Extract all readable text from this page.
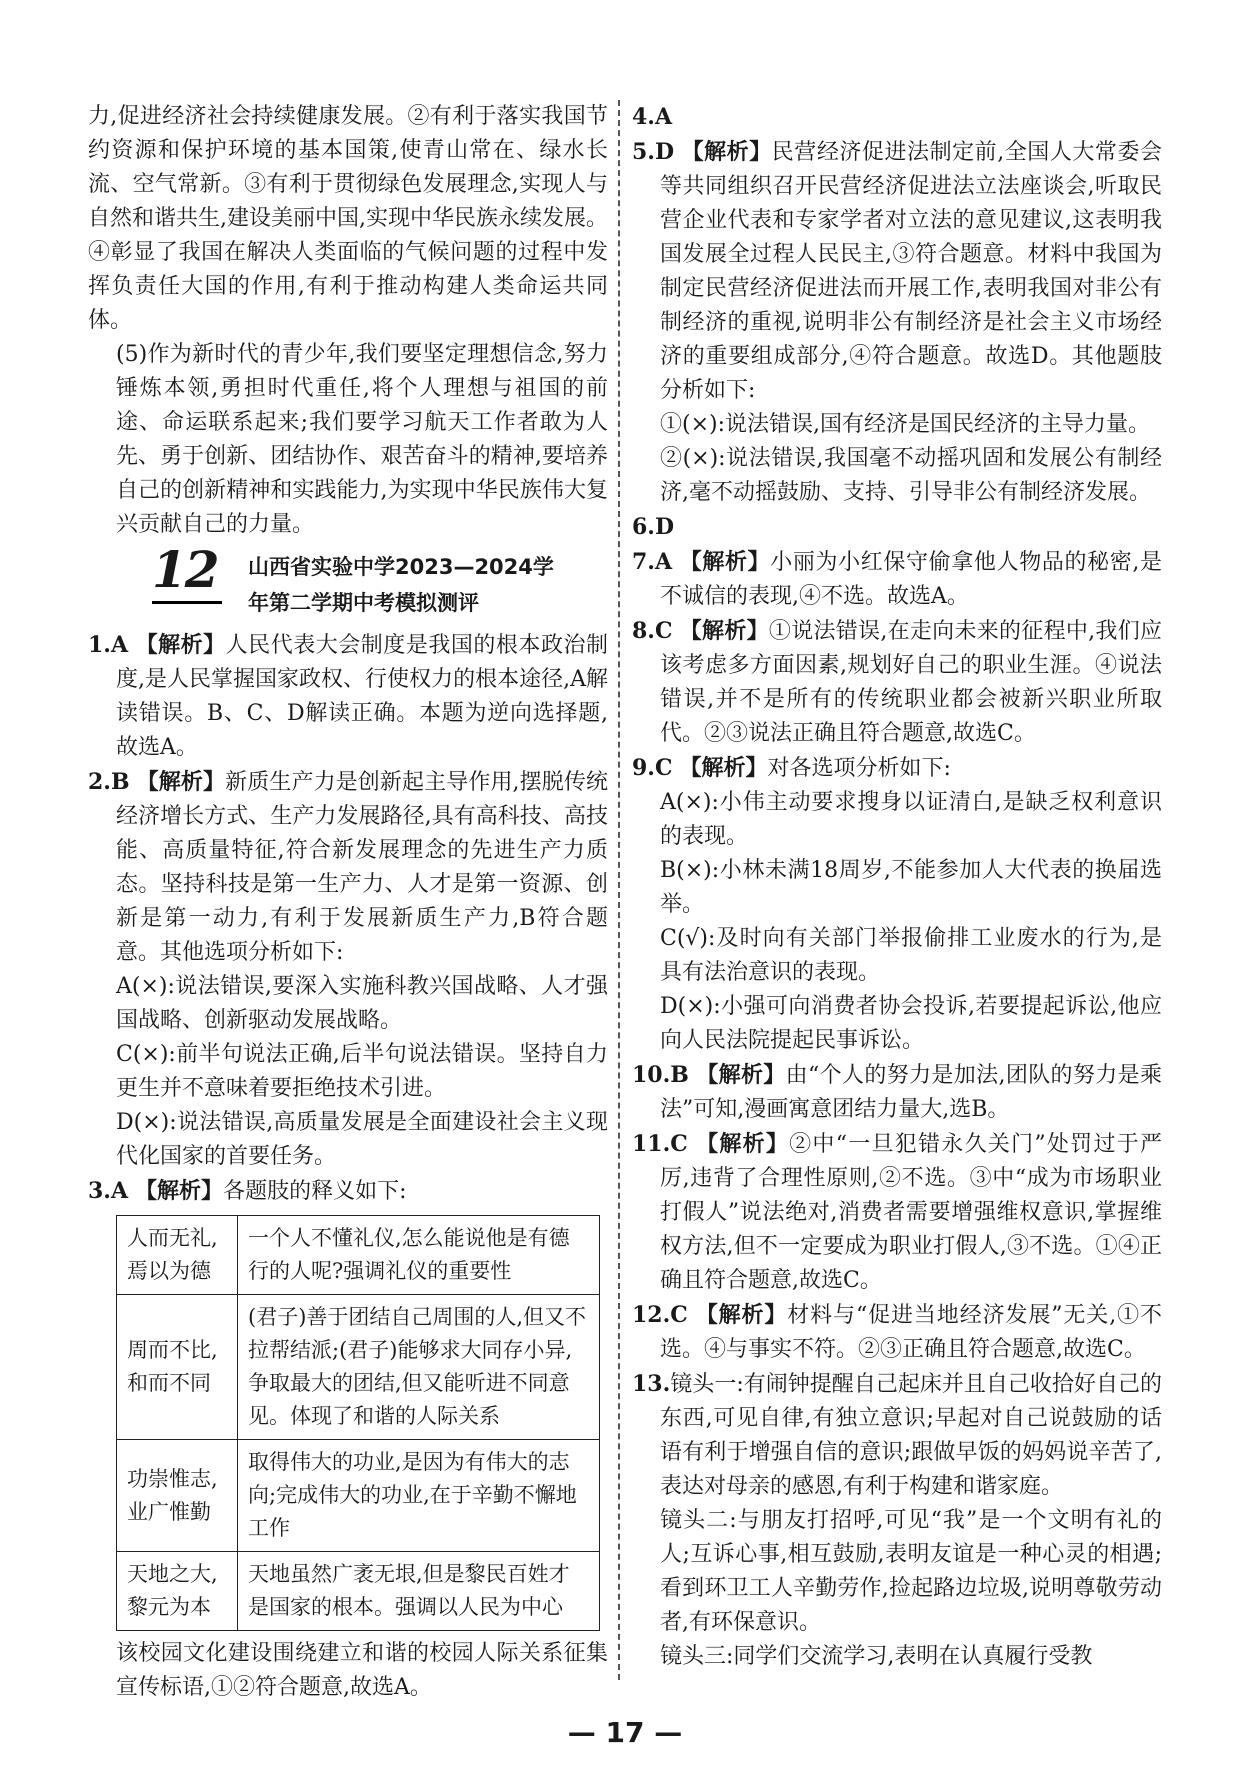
力,促进经济社会持续健康发展。②有利于落实我国节约资源和保护环境的基本国策,使青山常在、绿水长流、空气常新。③有利于贯彻绿色发展理念,实现人与自然和谐共生,建设美丽中国,实现中华民族永续发展。④彰显了我国在解决人类面临的气候问题的过程中发挥负责任大国的作用,有利于推动构建人类命运共同体。

(5)作为新时代的青少年,我们要坚定理想信念,努力锤炼本领,勇担时代重任,将个人理想与祖国的前途、命运联系起来;我们要学习航天工作者敢为人先、勇于创新、团结协作、艰苦奋斗的精神,要培养自己的创新精神和实践能力,为实现中华民族伟大复兴贡献自己的力量。

12 山西省实验中学2023—2024学
年第二学期中考模拟测评

1.A 【解析】人民代表大会制度是我国的根本政治制度,是人民掌握国家政权、行使权力的根本途径,A解读错误。B、C、D解读正确。本题为逆向选择题,故选A。

2.B 【解析】新质生产力是创新起主导作用,摆脱传统经济增长方式、生产力发展路径,具有高科技、高技能、高质量特征,符合新发展理念的先进生产力质态。坚持科技是第一生产力、人才是第一资源、创新是第一动力,有利于发展新质生产力,B符合题意。其他选项分析如下:

A(×):说法错误,要深入实施科教兴国战略、人才强国战略、创新驱动发展战略。

C(×):前半句说法正确,后半句说法错误。坚持自力更生并不意味着要拒绝技术引进。

D(×):说法错误,高质量发展是全面建设社会主义现代化国家的首要任务。

3.A 【解析】各题肢的释义如下:

人而无礼,焉以为德	一个人不懂礼仪,怎么能说他是有德行的人呢?强调礼仪的重要性
周而不比,和而不同	(君子)善于团结自己周围的人,但又不拉帮结派;(君子)能够求大同存小异,争取最大的团结,但又能听进不同意见。体现了和谐的人际关系
功崇惟志,业广惟勤	取得伟大的功业,是因为有伟大的志向;完成伟大的功业,在于辛勤不懈地工作
天地之大,黎元为本	天地虽然广袤无垠,但是黎民百姓才是国家的根本。强调以人民为中心

该校园文化建设围绕建立和谐的校园人际关系征集宣传标语,①②符合题意,故选A。

4.A

5.D 【解析】民营经济促进法制定前,全国人大常委会等共同组织召开民营经济促进法立法座谈会,听取民营企业代表和专家学者对立法的意见建议,这表明我国发展全过程人民民主,③符合题意。材料中我国为制定民营经济促进法而开展工作,表明我国对非公有制经济的重视,说明非公有制经济是社会主义市场经济的重要组成部分,④符合题意。故选D。其他题肢分析如下:

①(×):说法错误,国有经济是国民经济的主导力量。

②(×):说法错误,我国毫不动摇巩固和发展公有制经济,毫不动摇鼓励、支持、引导非公有制经济发展。

6.D

7.A 【解析】小丽为小红保守偷拿他人物品的秘密,是不诚信的表现,④不选。故选A。

8.C 【解析】①说法错误,在走向未来的征程中,我们应该考虑多方面因素,规划好自己的职业生涯。④说法错误,并不是所有的传统职业都会被新兴职业所取代。②③说法正确且符合题意,故选C。

9.C 【解析】对各选项分析如下:

A(×):小伟主动要求搜身以证清白,是缺乏权利意识的表现。

B(×):小林未满18周岁,不能参加人大代表的换届选举。

C(√):及时向有关部门举报偷排工业废水的行为,是具有法治意识的表现。

D(×):小强可向消费者协会投诉,若要提起诉讼,他应向人民法院提起民事诉讼。

10.B 【解析】由“个人的努力是加法,团队的努力是乘法”可知,漫画寓意团结力量大,选B。

11.C 【解析】②中“一旦犯错永久关门”处罚过于严厉,违背了合理性原则,②不选。③中“成为市场职业打假人”说法绝对,消费者需要增强维权意识,掌握维权方法,但不一定要成为职业打假人,③不选。①④正确且符合题意,故选C。

12.C 【解析】材料与“促进当地经济发展”无关,①不选。④与事实不符。②③正确且符合题意,故选C。

13.镜头一:有闹钟提醒自己起床并且自己收拾好自己的东西,可见自律,有独立意识;早起对自己说鼓励的话语有利于增强自信的意识;跟做早饭的妈妈说辛苦了,表达对母亲的感恩,有利于构建和谐家庭。

镜头二:与朋友打招呼,可见“我”是一个文明有礼的人;互诉心事,相互鼓励,表明友谊是一种心灵的相遇;看到环卫工人辛勤劳作,捡起路边垃圾,说明尊敬劳动者,有环保意识。

镜头三:同学们交流学习,表明在认真履行受教

— 17 —
